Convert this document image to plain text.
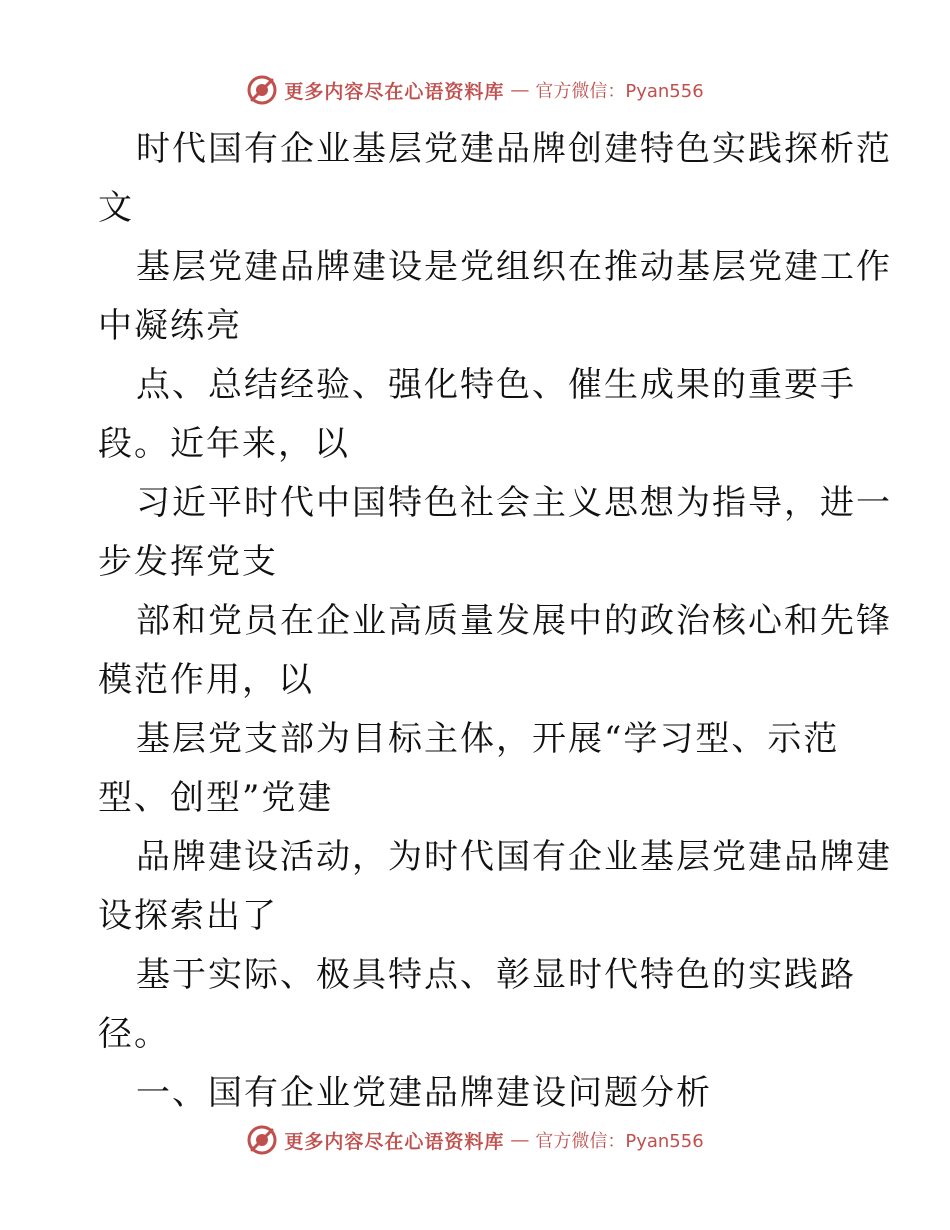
更多内容尽在心语资料库 — 官方微信：Pyan556

时代国有企业基层党建品牌创建特色实践探析范
文

基层党建品牌建设是党组织在推动基层党建工作
中凝练亮

点、总结经验、强化特色、催生成果的重要手
段。近年来，以

习近平时代中国特色社会主义思想为指导，进一
步发挥党支

部和党员在企业高质量发展中的政治核心和先锋
模范作用，以

基层党支部为目标主体，开展“学习型、示范
型、创型”党建

品牌建设活动，为时代国有企业基层党建品牌建
设探索出了

基于实际、极具特点、彰显时代特色的实践路
径。

一、国有企业党建品牌建设问题分析

更多内容尽在心语资料库 — 官方微信：Pyan556
